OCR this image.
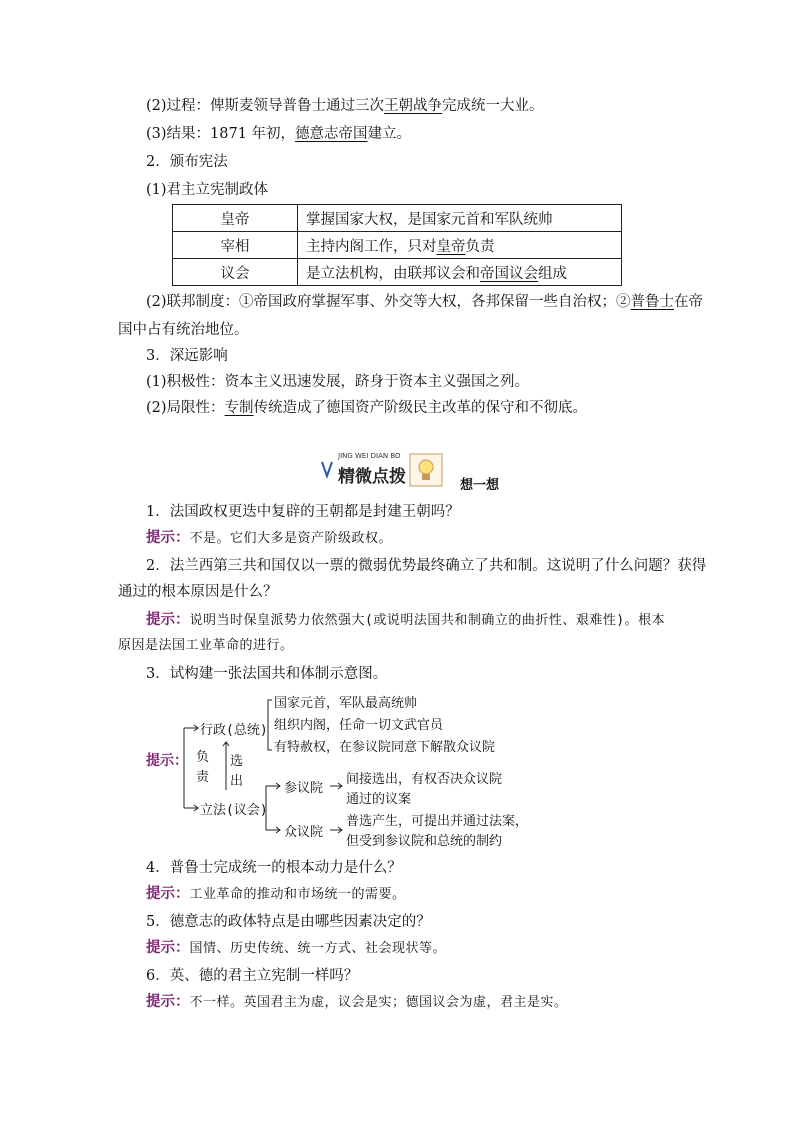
(2)过程：俾斯麦领导普鲁士通过三次王朝战争完成统一大业。
(3)结果：1871 年初，德意志帝国建立。
2．颁布宪法
(1)君主立宪制政体
皇帝	掌握国家大权，是国家元首和军队统帅
宰相	主持内阁工作，只对皇帝负责
议会	是立法机构，由联邦议会和帝国议会组成
(2)联邦制度：①帝国政府掌握军事、外交等大权，各邦保留一些自治权；②普鲁士在帝
国中占有统治地位。
3．深远影响
(1)积极性：资本主义迅速发展，跻身于资本主义强国之列。
(2)局限性：专制传统造成了德国资产阶级民主改革的保守和不彻底。
JING WEI DIAN BO
精微点拨	想一想
1．法国政权更迭中复辟的王朝都是封建王朝吗？
提示：不是。它们大多是资产阶级政权。
2．法兰西第三共和国仅以一票的微弱优势最终确立了共和制。这说明了什么问题？获得
通过的根本原因是什么？
提示：说明当时保皇派势力依然强大(或说明法国共和制确立的曲折性、艰难性)。根本
原因是法国工业革命的进行。
3．试构建一张法国共和体制示意图。
提示：
行政(总统)
国家元首，军队最高统帅
组织内阁，任命一切文武官员
有特赦权，在参议院同意下解散众议院
负责
选出
立法(议会)
参议院
间接选出，有权否决众议院
通过的议案
众议院
普选产生，可提出并通过法案，
但受到参议院和总统的制约
4．普鲁士完成统一的根本动力是什么？
提示：工业革命的推动和市场统一的需要。
5．德意志的政体特点是由哪些因素决定的？
提示：国情、历史传统、统一方式、社会现状等。
6．英、德的君主立宪制一样吗？
提示：不一样。英国君主为虚，议会是实；德国议会为虚，君主是实。
